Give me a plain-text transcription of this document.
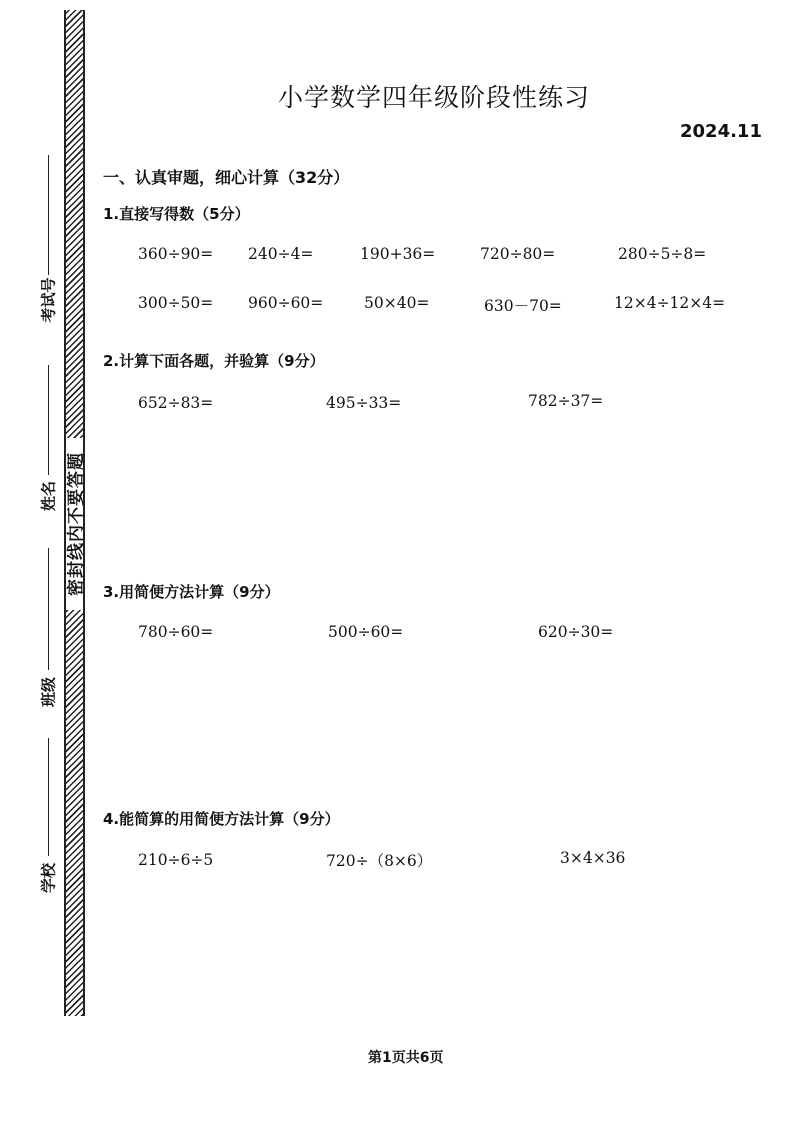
密封线内不要答题
考试号
姓名
班级
学校
小学数学四年级阶段性练习
2024.11
一、认真审题，细心计算（32分）
1.直接写得数（5分）
360÷90= 240÷4=	190+36=	720÷80=	280÷5÷8=
300÷50= 960÷60=	50×40=	630－70=	12×4÷12×4=
2.计算下面各题，并验算（9分）
652÷83=	495÷33=	782÷37=
3.用简便方法计算（9分）
780÷60=	500÷60=	620÷30=
4.能简算的用简便方法计算（9分）
210÷6÷5	720÷（8×6）	3×4×36
第1页共6页
